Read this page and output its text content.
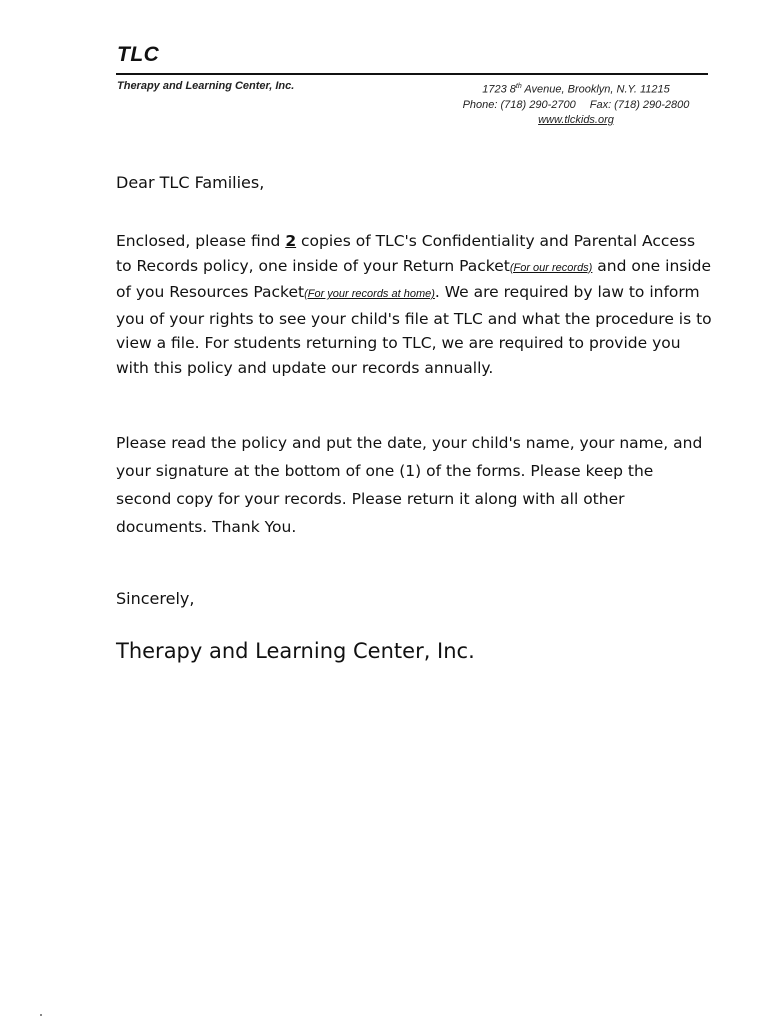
TLC
Therapy and Learning Center, Inc.	1723 8th Avenue, Brooklyn, N.Y. 11215
Phone: (718) 290-2700 Fax: (718) 290-2800
www.tlckids.org
Dear TLC Families,
Enclosed, please find 2 copies of TLC's Confidentiality and Parental Access to Records policy, one inside of your Return Packet(For our records) and one inside of you Resources Packet(For your records at home). We are required by law to inform you of your rights to see your child's file at TLC and what the procedure is to view a file. For students returning to TLC, we are required to provide you with this policy and update our records annually.
Please read the policy and put the date, your child's name, your name, and your signature at the bottom of one (1) of the forms. Please keep the second copy for your records. Please return it along with all other documents. Thank You.
Sincerely,
Therapy and Learning Center, Inc.
